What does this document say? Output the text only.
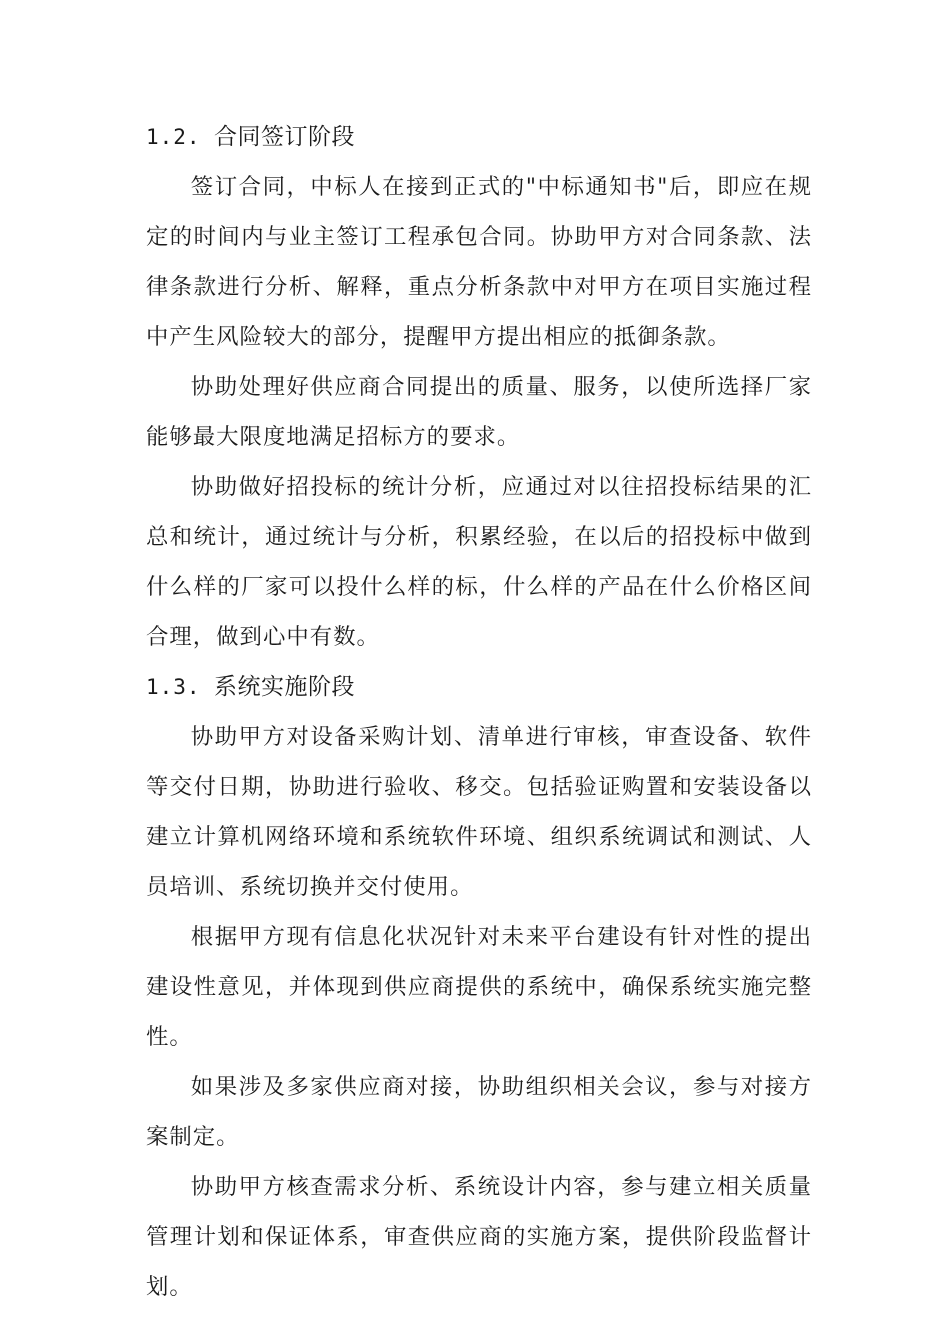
1.2. 合同签订阶段

签订合同，中标人在接到正式的"中标通知书"后，即应在规定的时间内与业主签订工程承包合同。协助甲方对合同条款、法律条款进行分析、解释，重点分析条款中对甲方在项目实施过程中产生风险较大的部分，提醒甲方提出相应的抵御条款。

协助处理好供应商合同提出的质量、服务，以使所选择厂家能够最大限度地满足招标方的要求。

协助做好招投标的统计分析，应通过对以往招投标结果的汇总和统计，通过统计与分析，积累经验，在以后的招投标中做到什么样的厂家可以投什么样的标，什么样的产品在什么价格区间合理，做到心中有数。

1.3. 系统实施阶段

协助甲方对设备采购计划、清单进行审核，审查设备、软件等交付日期，协助进行验收、移交。包括验证购置和安装设备以建立计算机网络环境和系统软件环境、组织系统调试和测试、人员培训、系统切换并交付使用。

根据甲方现有信息化状况针对未来平台建设有针对性的提出建设性意见，并体现到供应商提供的系统中，确保系统实施完整性。

如果涉及多家供应商对接，协助组织相关会议，参与对接方案制定。

协助甲方核查需求分析、系统设计内容，参与建立相关质量管理计划和保证体系，审查供应商的实施方案，提供阶段监督计划。
